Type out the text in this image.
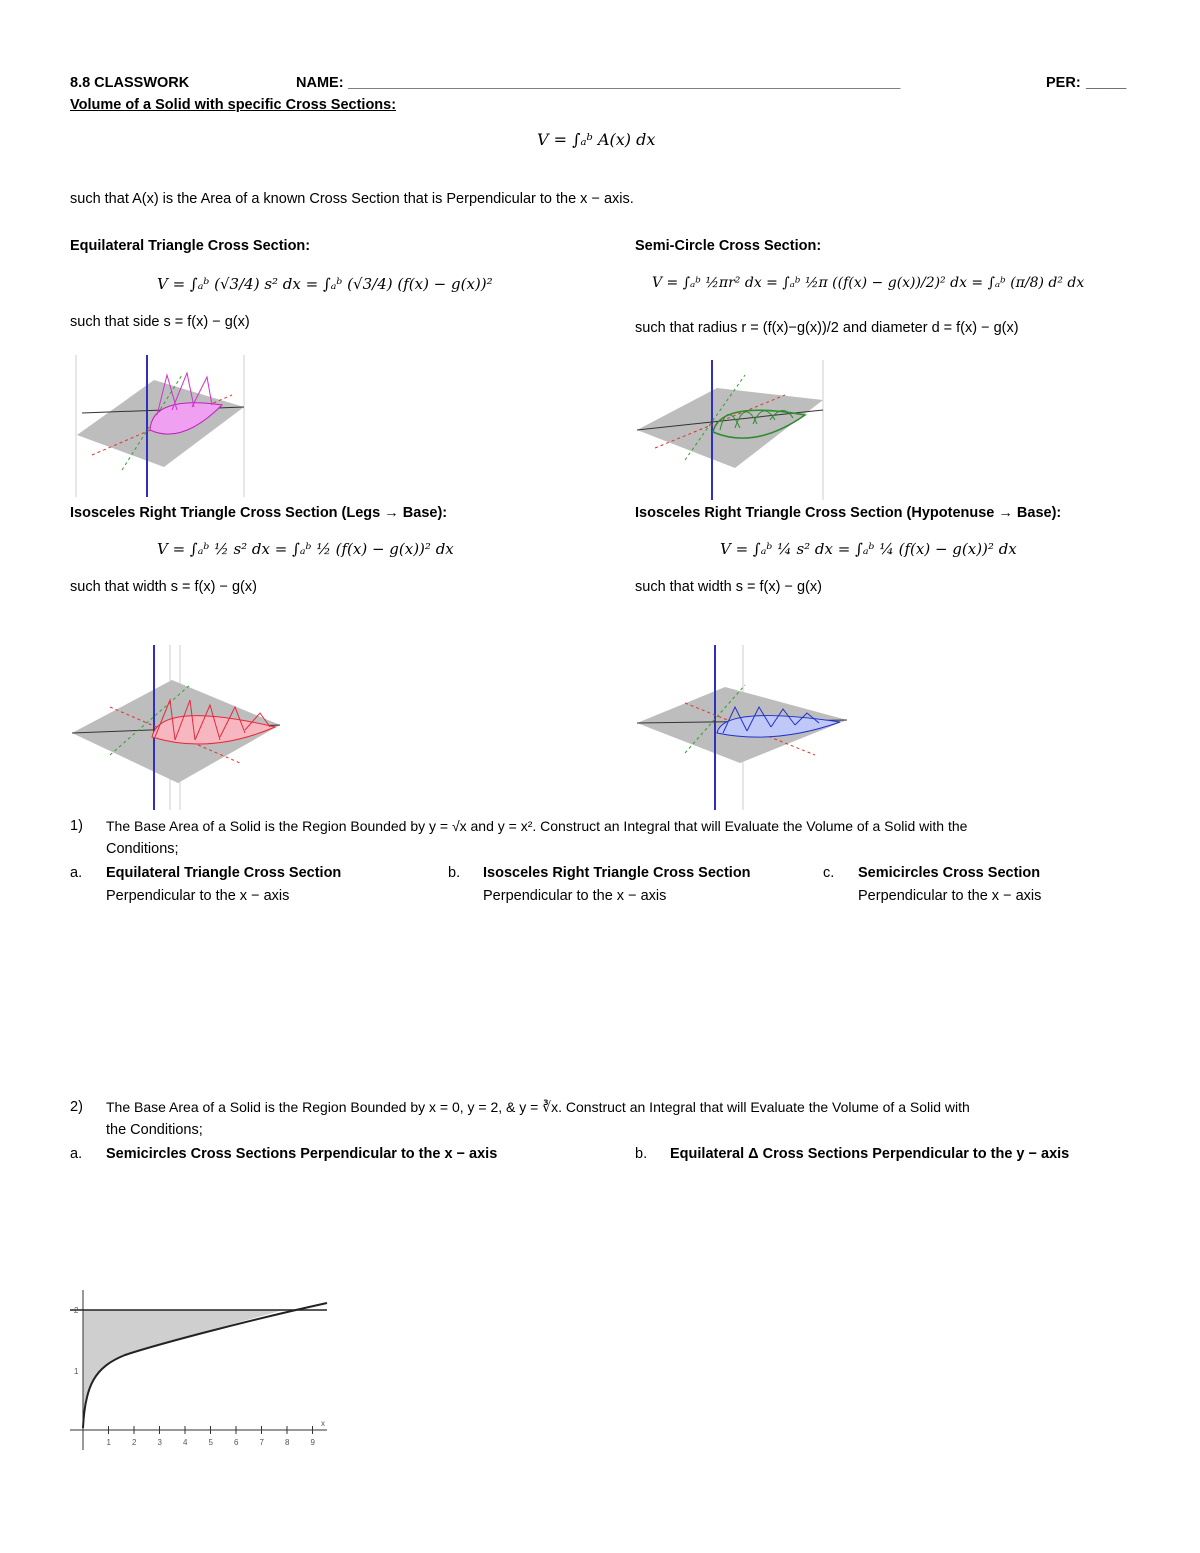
8.8 CLASSWORK	NAME: __________________________________________________________________________________	PER: _____
Volume of a Solid with specific Cross Sections:
V = ∫ₐᵇ A(x) dx
such that A(x) is the Area of a known Cross Section that is Perpendicular to the x − axis.
Equilateral Triangle Cross Section:
V = ∫ₐᵇ (√3/4) s² dx = ∫ₐᵇ (√3/4) (f(x) − g(x))²
such that side s = f(x) − g(x)
Semi-Circle Cross Section:
V = ∫ₐᵇ ½πr² dx = ∫ₐᵇ ½π ((f(x) − g(x))/2)² dx = ∫ₐᵇ (π/8) d² dx
such that radius r = (f(x)−g(x))/2 and diameter d = f(x) − g(x)
Isosceles Right Triangle Cross Section (Legs → Base):
V = ∫ₐᵇ ½ s² dx = ∫ₐᵇ ½ (f(x) − g(x))² dx
such that width s = f(x) − g(x)
Isosceles Right Triangle Cross Section (Hypotenuse → Base):
V = ∫ₐᵇ ¼ s² dx = ∫ₐᵇ ¼ (f(x) − g(x))² dx
such that width s = f(x) − g(x)
1) The Base Area of a Solid is the Region Bounded by y = √x and y = x². Construct an Integral that will Evaluate the Volume of a Solid with the
Conditions;
a. Equilateral Triangle Cross Section
Perpendicular to the x − axis
b. Isosceles Right Triangle Cross Section
Perpendicular to the x − axis
c. Semicircles Cross Section
Perpendicular to the x − axis
2) The Base Area of a Solid is the Region Bounded by x = 0, y = 2, & y = ∛x. Construct an Integral that will Evaluate the Volume of a Solid with
the Conditions;
a. Semicircles Cross Sections Perpendicular to the x − axis	b. Equilateral Δ Cross Sections Perpendicular to the y − axis
1	2	3	4	5	6	7	8	9
1
2
x
